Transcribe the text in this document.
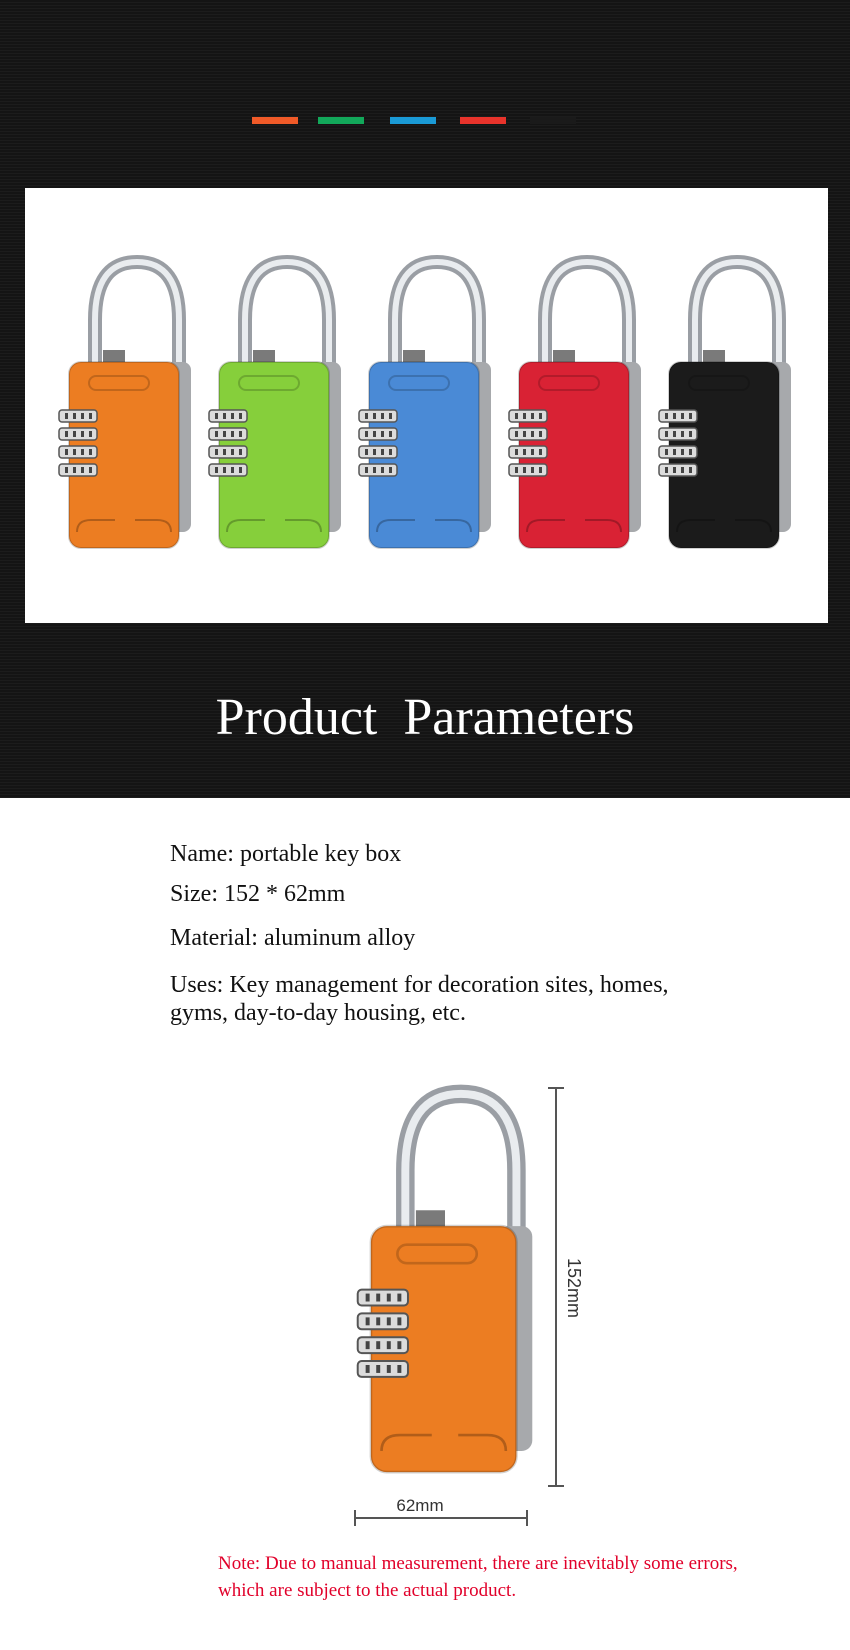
Product  Parameters
Name: portable key box
Size: 152 * 62mm
Material: aluminum alloy
Uses: Key management for decoration sites, homes,
gyms, day-to-day housing, etc.
152mm
62mm
Note: Due to manual measurement, there are inevitably some errors,
which are subject to the actual product.
